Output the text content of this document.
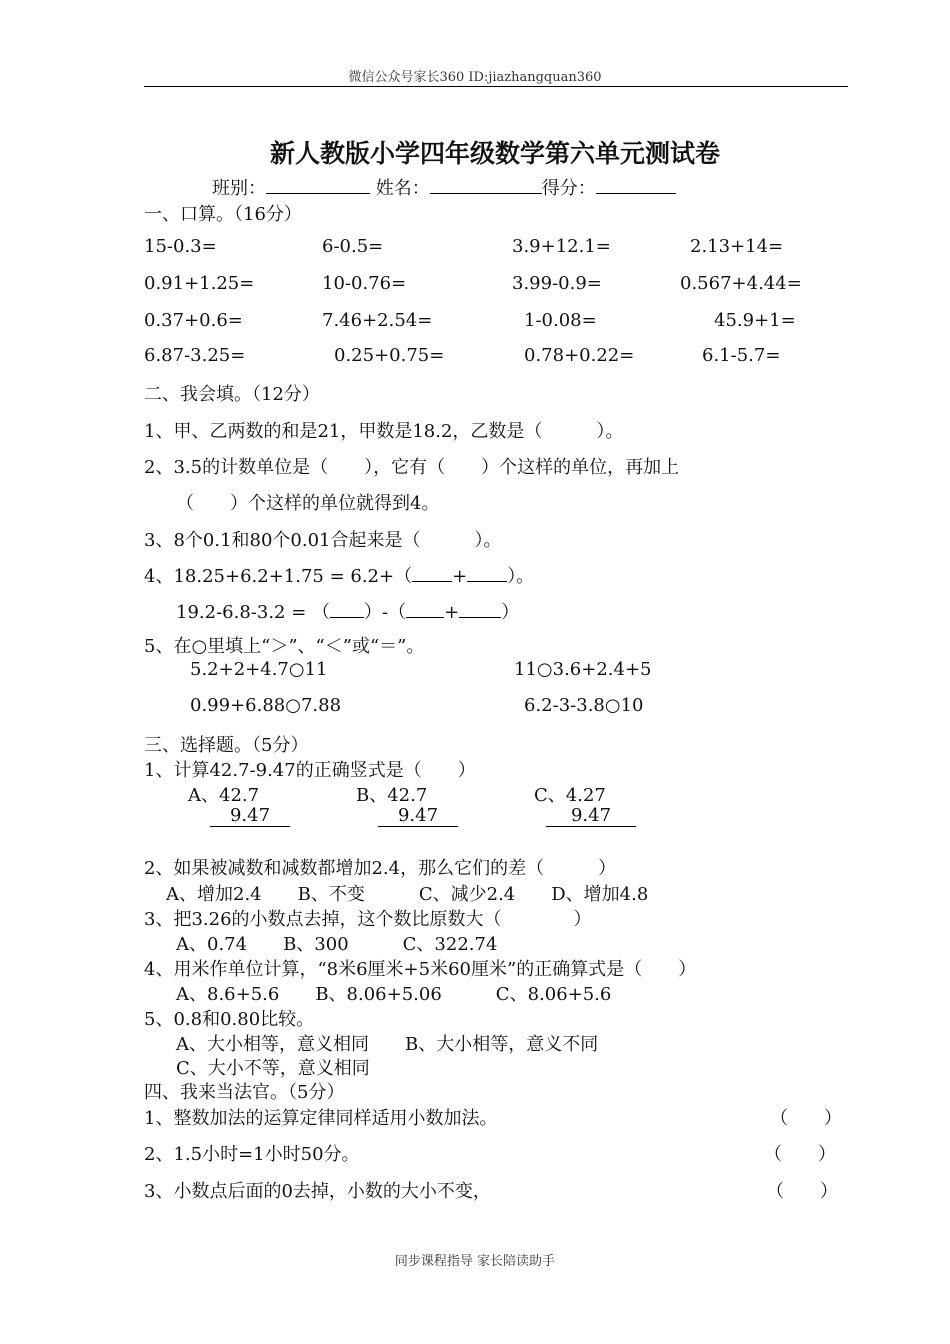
微信公众号家长360 ID:jiazhangquan360
新人教版小学四年级数学第六单元测试卷
班别：	姓名：	得分：
一、口算。（16分）
15-0.3=	6-0.5=	3.9+12.1=	2.13+14=
0.91+1.25=	10-0.76=	3.99-0.9=	0.567+4.44=
0.37+0.6=	7.46+2.54=	1-0.08=	45.9+1=
6.87-3.25=	0.25+0.75=	0.78+0.22=	6.1-5.7=
二、我会填。（12分）
1、甲、乙两数的和是21，甲数是18.2，乙数是（　　　）。
2、3.5的计数单位是（　　），它有（　　）个这样的单位，再加上
（　　）个这样的单位就得到4。
3、8个0.1和80个0.01合起来是（　　　）。
4、18.25+6.2+1.75 = 6.2+（ + ）。
19.2-6.8-3.2 = （ ）-（ + ）
5、在○里填上“＞”、“＜”或“＝”。
5.2+2+4.7○11	11○3.6+2.4+5
0.99+6.88○7.88	6.2-3-3.8○10
三、选择题。（5分）
1、计算42.7-9.47的正确竖式是（　　）
A、42.7	B、42.7	C、4.27
9.47	9.47	9.47
2、如果被减数和减数都增加2.4，那么它们的差（　　　）
A、增加2.4　　B、不变　　　C、减少2.4　　D、增加4.8
3、把3.26的小数点去掉，这个数比原数大（　　　　）
A、0.74　　B、300　　　C、322.74
4、用米作单位计算，“8米6厘米+5米60厘米”的正确算式是（　　）
A、8.6+5.6　　B、8.06+5.06　　　C、8.06+5.6
5、0.8和0.80比较。
A、大小相等，意义相同　　B、大小相等，意义不同
C、大小不等，意义相同
四、我来当法官。（5分）
1、整数加法的运算定律同样适用小数加法。	（　　）
2、1.5小时=1小时50分。	（　　）
3、小数点后面的0去掉，小数的大小不变，	（　　）
同步课程指导 家长陪读助手
